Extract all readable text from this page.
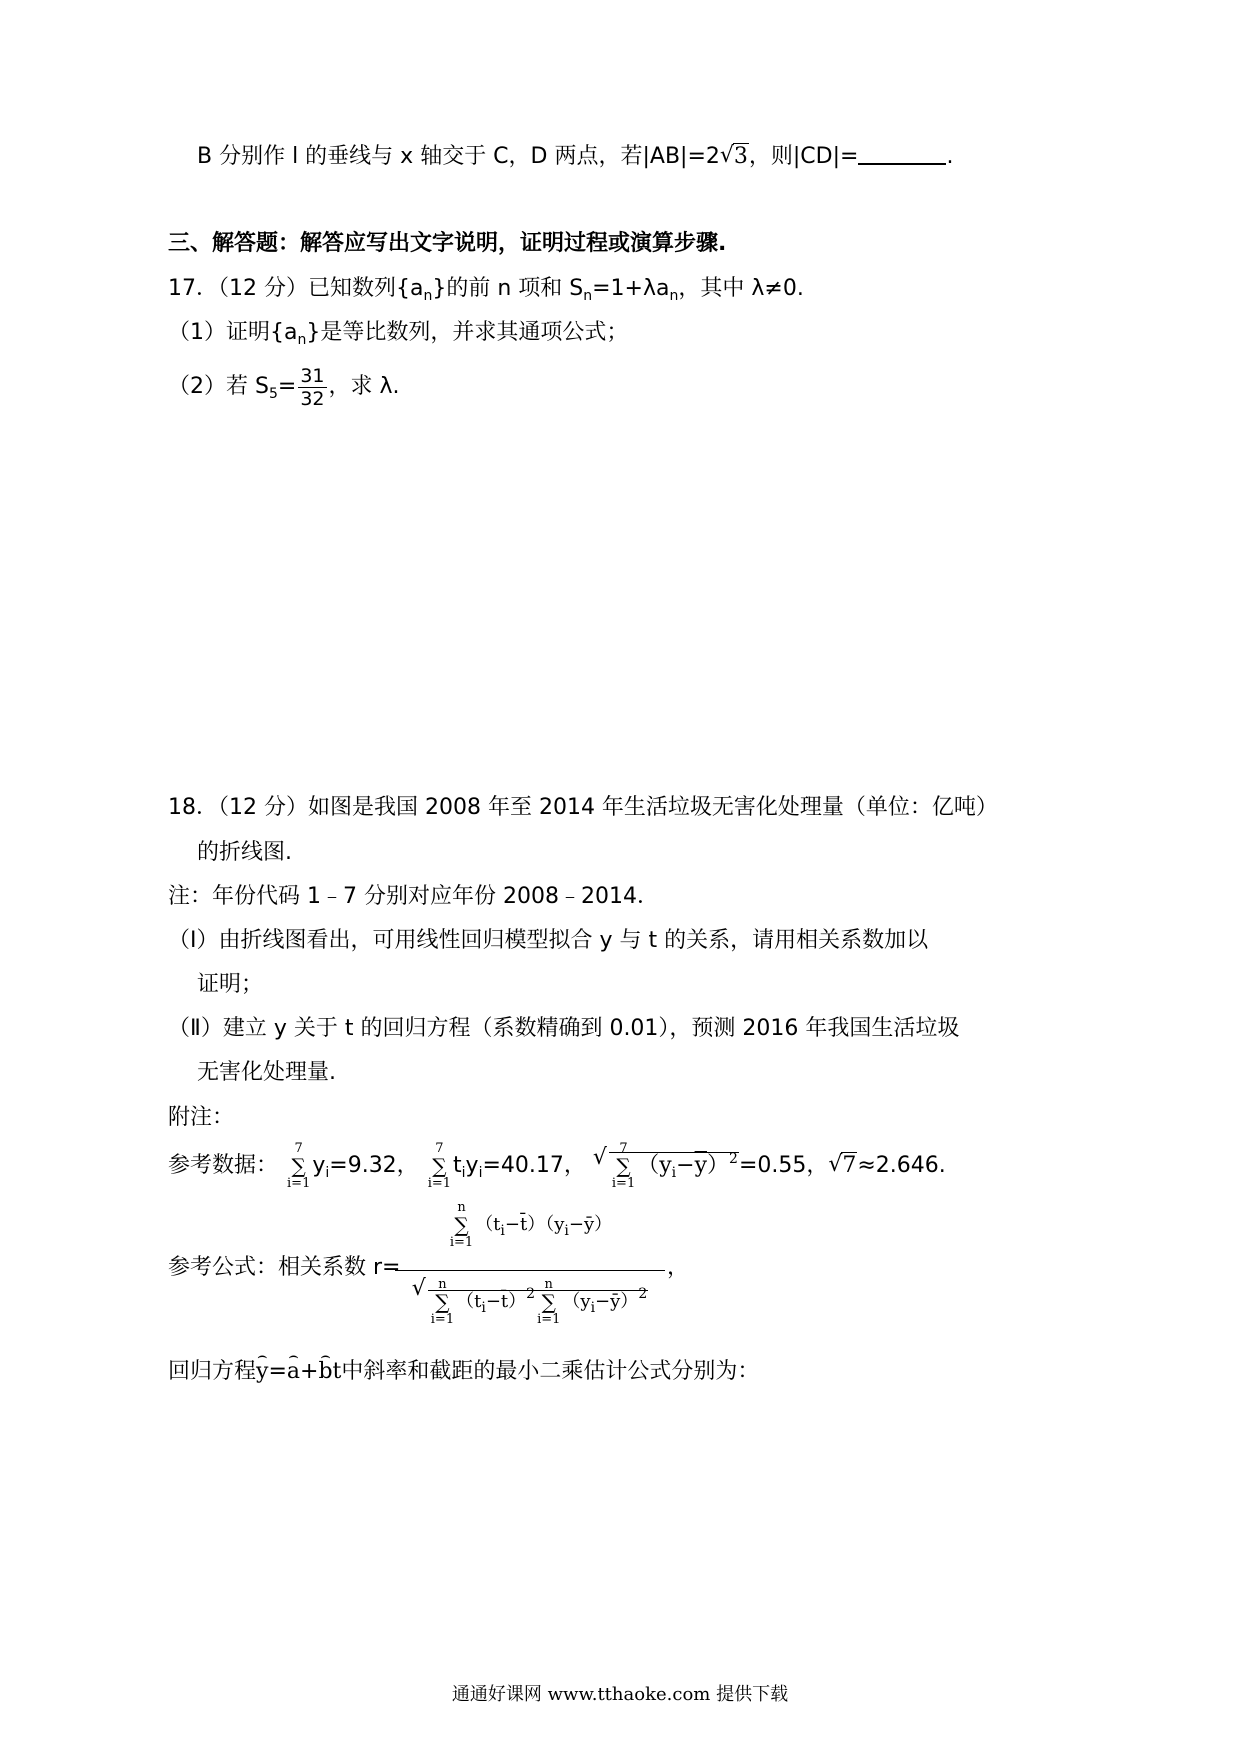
B 分别作 l 的垂线与 x 轴交于 C，D 两点，若|AB|=2 √ 3，则|CD|=	.
三、解答题：解答应写出文字说明，证明过程或演算步骤.
17．（12 分）已知数列$\{a_n\}$的前 n 项和 $S_n=1+\lambda a_n$，其中 λ≠0.
（1）证明$\{a_n\}$是等比数列，并求其通项公式；
（2）若 $S_5= \frac{31}{32}$ ，求 λ.
18．（12 分）如图是我国 2008 年至 2014 年生活垃圾无害化处理量（单位：亿吨）
的折线图.
注：年份代码 1﹣7 分别对应年份 2008﹣2014．
（Ⅰ）由折线图看出，可用线性回归模型拟合 y 与 t 的关系，请用相关系数加以
证明；
（Ⅱ）建立 y 关于 t 的回归方程（系数精确到 0.01），预测 2016 年我国生活垃圾
无害化处理量.
附注：
参考数据：
7
∑
i=1
$y_i=9.32$，
7
∑
i=1
$t_iy_i=40.17$，
√ 7
∑
i=1
$(y_i-\overline{y})^2=0.55$， √ 7≈2.646.
参考公式：相关系数 r=
n
∑
i=1
$(t_i-t̄)(y_i-ȳ)$
√ n
∑
i=1
$(t_i-t̄)^2$
n
∑
i=1
$(y_i-ȳ)^2$ ，
回归方程y ⌢=a ⌢+b ⌢t中斜率和截距的最小二乘估计公式分别为：
通通好课网 www.tthaoke.com 提供下载
